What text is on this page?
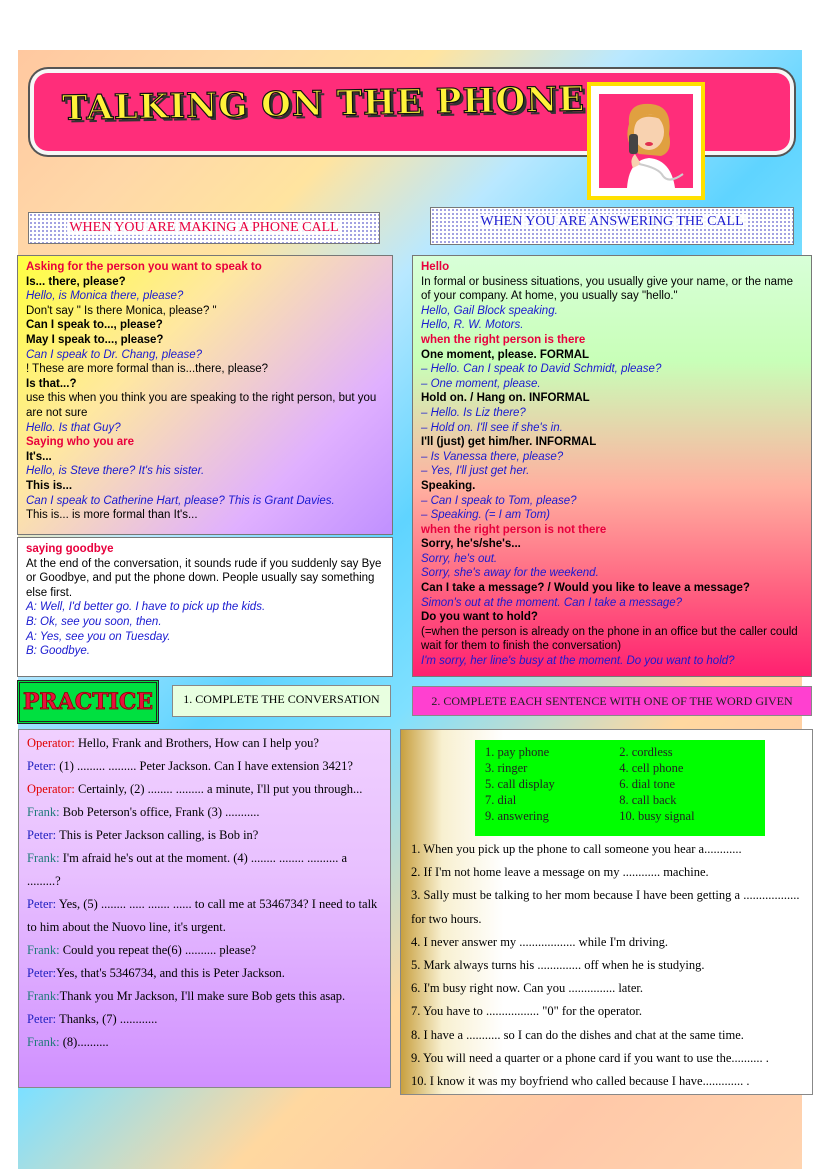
TALKING ON THE PHONE
WHEN YOU ARE MAKING A PHONE CALL	WHEN YOU ARE ANSWERING THE CALL

Asking for the person you want to speak to

Is... there, please?

Hello, is Monica there, please?

Don't say " Is there Monica, please? "

Can I speak to..., please?

May I speak to..., please?

Can I speak to Dr. Chang, please?

! These are more formal than is...there, please?

Is that...?

use this when you think you are speaking to the right person, but you are not sure

Hello. Is that Guy?

Saying who you are

It's...

Hello, is Steve there? It's his sister.

This is...

Can I speak to Catherine Hart, please? This is Grant Davies.

This is... is more formal than It's...

saying goodbye

At the end of the conversation, it sounds rude if you suddenly say Bye or Goodbye, and put the phone down. People usually say something else first.

A: Well, I'd better go. I have to pick up the kids.

B: Ok, see you soon, then.

A: Yes, see you on Tuesday.

B: Goodbye.

Hello

In formal or business situations, you usually give your name, or the name of your company. At home, you usually say "hello."

Hello, Gail Block speaking.

Hello, R. W. Motors.

when the right person is there

One moment, please. FORMAL

– Hello. Can I speak to David Schmidt, please?

– One moment, please.

Hold on. / Hang on. INFORMAL

– Hello. Is Liz there?

– Hold on. I'll see if she's in.

I'll (just) get him/her. INFORMAL

– Is Vanessa there, please?

– Yes, I'll just get her.

Speaking.

– Can I speak to Tom, please?

– Speaking. (= I am Tom)

when the right person is not there

Sorry, he's/she's...

Sorry, he's out.

Sorry, she's away for the weekend.

Can I take a message? / Would you like to leave a message?

Simon's out at the moment. Can I take a message?

Do you want to hold?

(=when the person is already on the phone in an office but the caller could wait for them to finish the conversation)

I'm sorry, her line's busy at the moment. Do you want to hold?

PRACTICE	1. COMPLETE THE CONVERSATION	2. COMPLETE EACH SENTENCE WITH ONE OF THE WORD GIVEN

Operator: Hello, Frank and Brothers, How can I help you?

Peter: (1) ......... ......... Peter Jackson. Can I have extension 3421?

Operator: Certainly, (2) ........ ......... a minute, I'll put you through...

Frank: Bob Peterson's office, Frank (3) ...........

Peter: This is Peter Jackson calling, is Bob in?

Frank: I'm afraid he's out at the moment. (4) ........ ........ .......... a .........?

Peter: Yes, (5) ........ ..... ....... ...... to call me at 5346734? I need to talk to him about the Nuovo line, it's urgent.

Frank: Could you repeat the(6) .......... please?

Peter:Yes, that's 5346734, and this is Peter Jackson.

Frank:Thank you Mr Jackson, I'll make sure Bob gets this asap.

Peter: Thanks, (7) ............

Frank: (8)..........

1. pay phone	2. cordless
3. ringer	4. cell phone
5. call display	6. dial tone
7. dial	8. call back
9. answering	10. busy signal

1. When you pick up the phone to call someone you hear a............

2. If I'm not home leave a message on my ............ machine.

3. Sally must be talking to her mom because I have been getting a .................. for two hours.

4. I never answer my .................. while I'm driving.

5. Mark always turns his .............. off when he is studying.

6. I'm busy right now. Can you ............... later.

7. You have to ................. "0" for the operator.

8. I have a ........... so I can do the dishes and chat at the same time.

9. You will need a quarter or a phone card if you want to use the.......... .

10. I know it was my boyfriend who called because I have............. .
